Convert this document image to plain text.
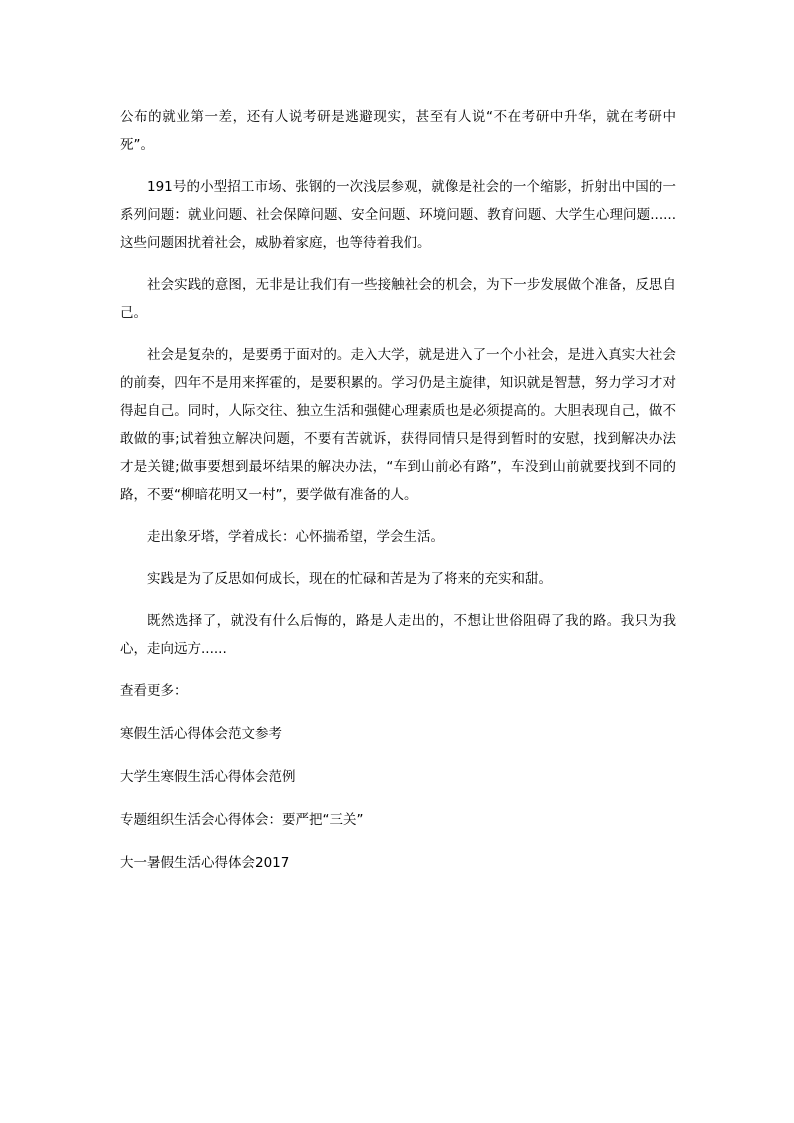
公布的就业第一差，还有人说考研是逃避现实，甚至有人说“不在考研中升华，就在考研中死”。

191号的小型招工市场、张钢的一次浅层参观，就像是社会的一个缩影，折射出中国的一系列问题：就业问题、社会保障问题、安全问题、环境问题、教育问题、大学生心理问题......这些问题困扰着社会，威胁着家庭，也等待着我们。

社会实践的意图，无非是让我们有一些接触社会的机会，为下一步发展做个准备，反思自己。

社会是复杂的，是要勇于面对的。走入大学，就是进入了一个小社会，是进入真实大社会的前奏，四年不是用来挥霍的，是要积累的。学习仍是主旋律，知识就是智慧，努力学习才对得起自己。同时，人际交往、独立生活和强健心理素质也是必须提高的。大胆表现自己，做不敢做的事;试着独立解决问题，不要有苦就诉，获得同情只是得到暂时的安慰，找到解决办法才是关键;做事要想到最坏结果的解决办法，“车到山前必有路”，车没到山前就要找到不同的路，不要“柳暗花明又一村”，要学做有准备的人。

走出象牙塔，学着成长：心怀揣希望，学会生活。

实践是为了反思如何成长，现在的忙碌和苦是为了将来的充实和甜。

既然选择了，就没有什么后悔的，路是人走出的，不想让世俗阻碍了我的路。我只为我心，走向远方......

查看更多：

寒假生活心得体会范文参考
大学生寒假生活心得体会范例
专题组织生活会心得体会：要严把“三关”
大一暑假生活心得体会2017
